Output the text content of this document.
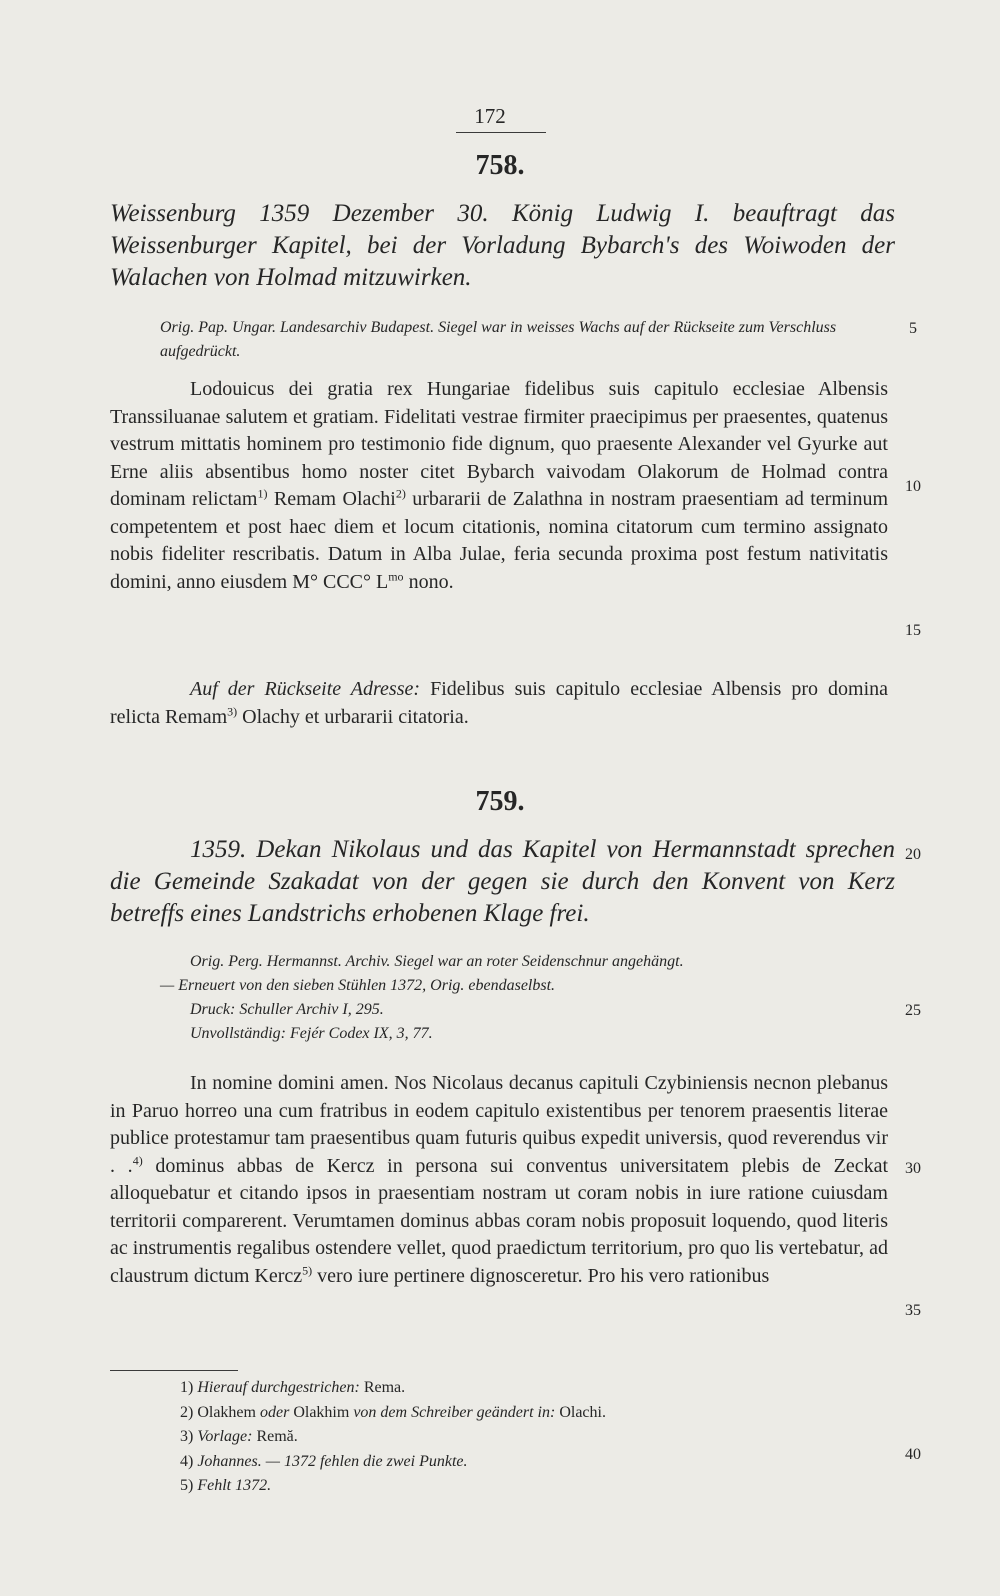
172
758.
Weissenburg 1359 Dezember 30. König Ludwig I. beauftragt das Weissenburger Kapitel, bei der Vorladung Bybarch's des Woiwoden der Walachen von Holmad mitzuwirken.
Orig. Pap. Ungar. Landesarchiv Budapest. Siegel war in weisses Wachs auf der Rückseite zum Verschluss aufgedrückt.
Lodouicus dei gratia rex Hungariae fidelibus suis capitulo ecclesiae Albensis Transsiluanae salutem et gratiam. Fidelitati vestrae firmiter praecipimus per praesentes, quatenus vestrum mittatis hominem pro testimonio fide dignum, quo praesente Alexander vel Gyurke aut Erne aliis absentibus homo noster citet Bybarch vaivodam Olakorum de Holmad contra dominam relictam$^{1)}$ Remam Olachi$^{2)}$ urbararii de Zalathna in nostram praesentiam ad terminum competentem et post haec diem et locum citationis, nomina citatorum cum termino assignato nobis fideliter rescribatis. Datum in Alba Julae, feria secunda proxima post festum nativitatis domini, anno eiusdem M° CCC° $L^{mo}$ nono.
Auf der Rückseite Adresse: Fidelibus suis capitulo ecclesiae Albensis pro domina relicta Remam$^{3)}$ Olachy et urbararii citatoria.
759.
1359. Dekan Nikolaus und das Kapitel von Hermannstadt sprechen die Gemeinde Szakadat von der gegen sie durch den Konvent von Kerz betreffs eines Landstrichs erhobenen Klage frei.
Orig. Perg. Hermannst. Archiv. Siegel war an roter Seidenschnur angehängt.
— Erneuert von den sieben Stühlen 1372, Orig. ebendaselbst.
Druck: Schuller Archiv I, 295.
Unvollständig: Fejér Codex IX, 3, 77.
In nomine domini amen. Nos Nicolaus decanus capituli Czybiniensis necnon plebanus in Paruo horreo una cum fratribus in eodem capitulo existentibus per tenorem praesentis literae publice protestamur tam praesentibus quam futuris quibus expedit universis, quod reverendus vir . .$^{4)}$ dominus abbas de Kercz in persona sui conventus universitatem plebis de Zeckat alloquebatur et citando ipsos in praesentiam nostram ut coram nobis in iure ratione cuiusdam territorii comparerent. Verumtamen dominus abbas coram nobis proposuit loquendo, quod literis ac instrumentis regalibus ostendere vellet, quod praedictum territorium, pro quo lis vertebatur, ad claustrum dictum Kercz$^{5)}$ vero iure pertinere dignosceretur. Pro his vero rationibus
5
10
15
20
25
30
35
40
1) Hierauf durchgestrichen: Rema.
2) Olakhem oder Olakhim von dem Schreiber geändert in: Olachi.
3) Vorlage: Remă.
4) Johannes. — 1372 fehlen die zwei Punkte.
5) Fehlt 1372.
